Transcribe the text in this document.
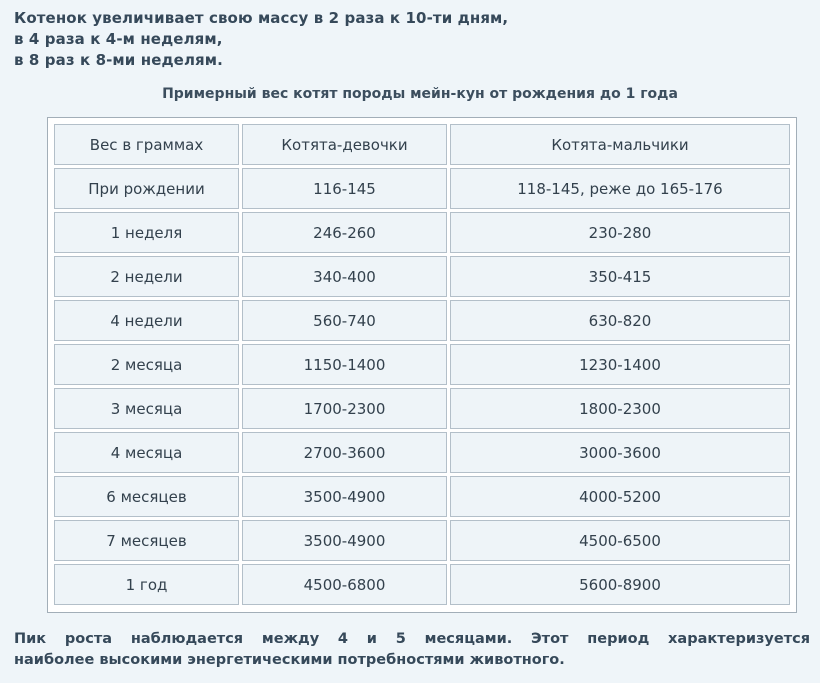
Котенок увеличивает свою массу в 2 раза к 10-ти дням,
в 4 раза к 4-м неделям,
в 8 раз к 8-ми неделям.
Примерный вес котят породы мейн-кун от рождения до 1 года
Вес в граммах	Котята-девочки	Котята-мальчики
При рождении	116-145	118-145, реже до 165-176
1 неделя	246-260	230-280
2 недели	340-400	350-415
4 недели	560-740	630-820
2 месяца	1150-1400	1230-1400
3 месяца	1700-2300	1800-2300
4 месяца	2700-3600	3000-3600
6 месяцев	3500-4900	4000-5200
7 месяцев	3500-4900	4500-6500
1 год	4500-6800	5600-8900
Пик роста наблюдается между 4 и 5 месяцами. Этот период характеризуется
наиболее высокими энергетическими потребностями животного.
